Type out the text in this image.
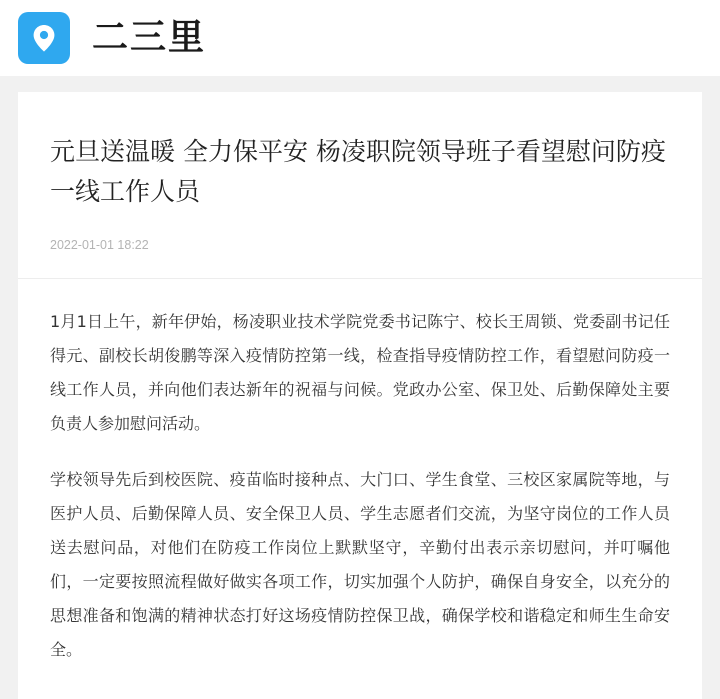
二三里
元旦送温暖 全力保平安 杨凌职院领导班子看望慰问防疫一线工作人员
2022-01-01 18:22

1月1日上午，新年伊始，杨凌职业技术学院党委书记陈宁、校长王周锁、党委副书记任得元、副校长胡俊鹏等深入疫情防控第一线，检查指导疫情防控工作，看望慰问防疫一线工作人员，并向他们表达新年的祝福与问候。党政办公室、保卫处、后勤保障处主要负责人参加慰问活动。

学校领导先后到校医院、疫苗临时接种点、大门口、学生食堂、三校区家属院等地，与医护人员、后勤保障人员、安全保卫人员、学生志愿者们交流，为坚守岗位的工作人员送去慰问品，对他们在防疫工作岗位上默默坚守，辛勤付出表示亲切慰问，并叮嘱他们，一定要按照流程做好做实各项工作，切实加强个人防护，确保自身安全，以充分的思想准备和饱满的精神状态打好这场疫情防控保卫战，确保学校和谐稳定和师生生命安全。
